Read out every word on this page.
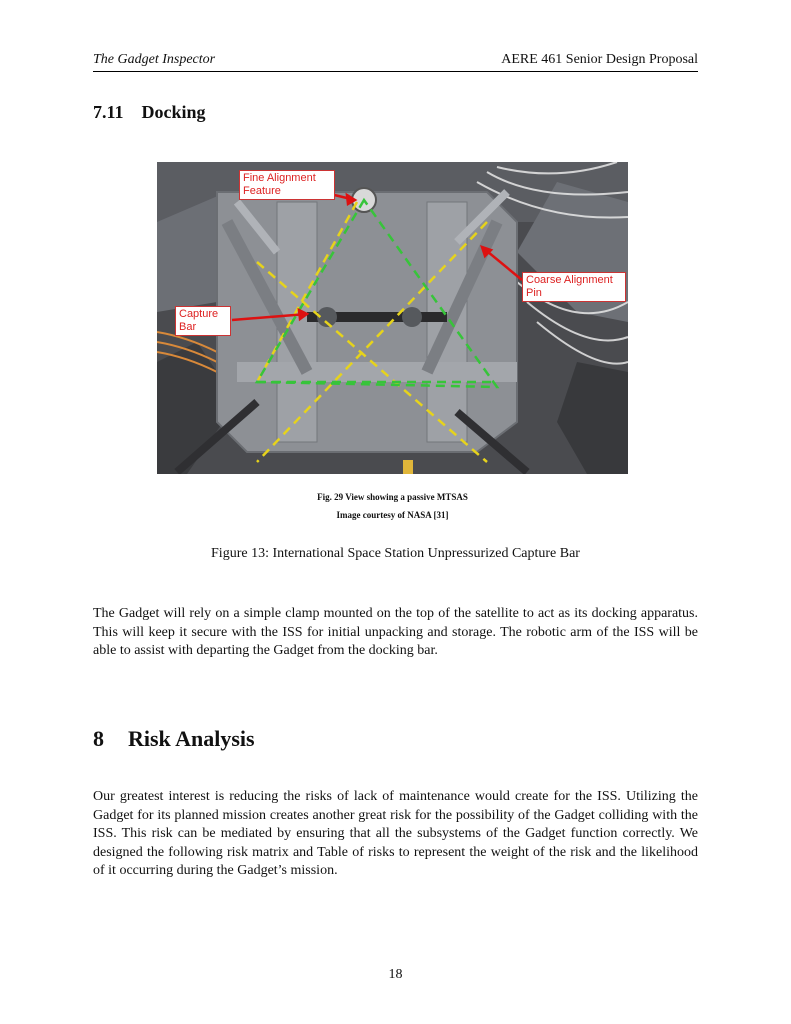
The Gadget Inspector	AERE 461 Senior Design Proposal
7.11 Docking
Fine Alignment Feature
Coarse Alignment Pin
Capture Bar
Fig. 29 View showing a passive MTSAS
Image courtesy of NASA [31]
Figure 13: International Space Station Unpressurized Capture Bar
The Gadget will rely on a simple clamp mounted on the top of the satellite to act as its docking apparatus. This will keep it secure with the ISS for initial unpacking and storage. The robotic arm of the ISS will be able to assist with departing the Gadget from the docking bar.
8 Risk Analysis
Our greatest interest is reducing the risks of lack of maintenance would create for the ISS. Utilizing the Gadget for its planned mission creates another great risk for the possibility of the Gadget colliding with the ISS. This risk can be mediated by ensuring that all the subsystems of the Gadget function correctly. We designed the following risk matrix and Table of risks to represent the weight of the risk and the likelihood of it occurring during the Gadget’s mission.
18
